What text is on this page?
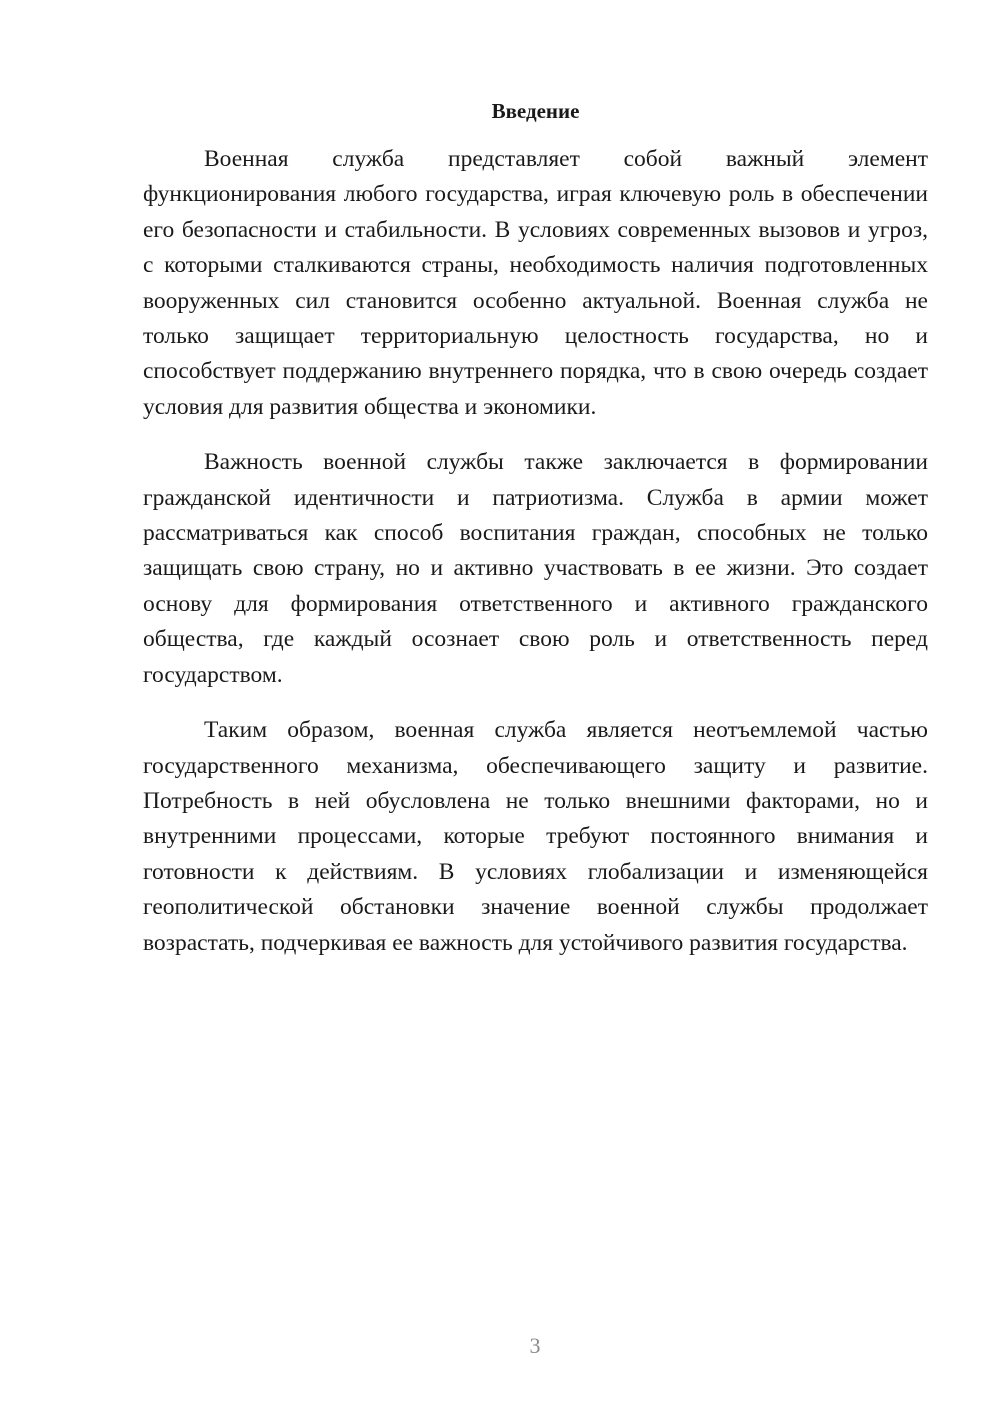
Введение

Военная служба представляет собой важный элемент функционирования любого государства, играя ключевую роль в обеспечении его безопасности и стабильности. В условиях современных вызовов и угроз, с которыми сталкиваются страны, необходимость наличия подготовленных вооруженных сил становится особенно актуальной. Военная служба не только защищает территориальную целостность государства, но и способствует поддержанию внутреннего порядка, что в свою очередь создает условия для развития общества и экономики.

Важность военной службы также заключается в формировании гражданской идентичности и патриотизма. Служба в армии может рассматриваться как способ воспитания граждан, способных не только защищать свою страну, но и активно участвовать в ее жизни. Это создает основу для формирования ответственного и активного гражданского общества, где каждый осознает свою роль и ответственность перед государством.

Таким образом, военная служба является неотъемлемой частью государственного механизма, обеспечивающего защиту и развитие. Потребность в ней обусловлена не только внешними факторами, но и внутренними процессами, которые требуют постоянного внимания и готовности к действиям. В условиях глобализации и изменяющейся геополитической обстановки значение военной службы продолжает возрастать, подчеркивая ее важность для устойчивого развития государства.

3
